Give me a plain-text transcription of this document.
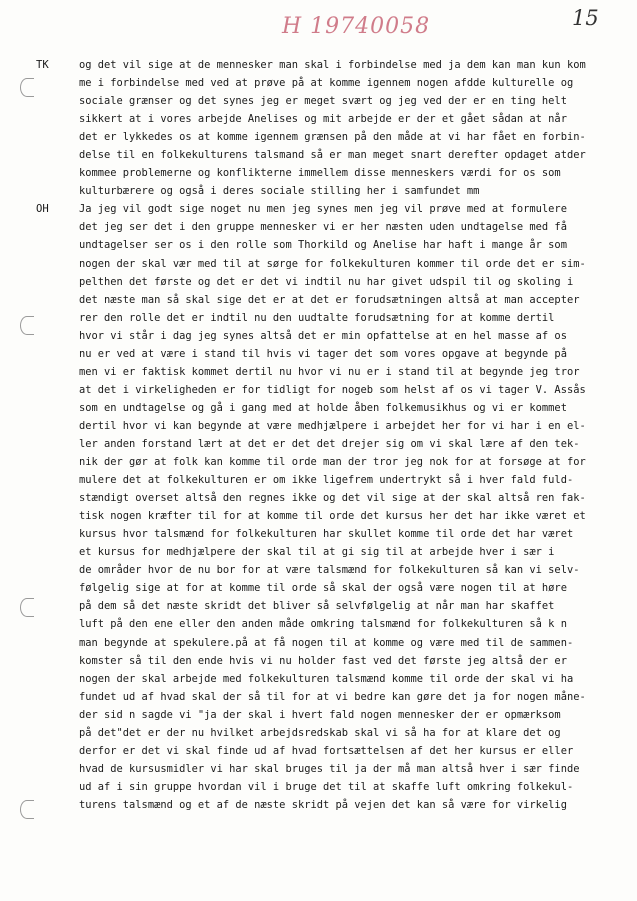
H 19740058	15
TK
OH
og det vil sige at de mennesker man skal i forbindelse med ja dem kan man kun kom
me i forbindelse med ved at prøve på at komme igennem nogen afdde kulturelle og
sociale grænser og det synes jeg er meget svært og jeg ved der er en ting helt
sikkert at i vores arbejde Anelises og mit arbejde er der et gået sådan at når
det er lykkedes os at komme igennem grænsen på den måde at vi har fået en forbin-
delse til en folkekulturens talsmand så er man meget snart derefter opdaget atder
kommee problemerne og konflikterne immellem disse menneskers værdi for os som
kulturbærere og også i deres sociale stilling her i samfundet mm
Ja jeg vil godt sige noget nu men jeg synes men jeg vil prøve med at formulere
det jeg ser det i den gruppe mennesker vi er her næsten uden undtagelse med få
undtagelser ser os i den rolle som Thorkild og Anelise har haft i mange år som
nogen der skal vær med til at sørge for folkekulturen kommer til orde det er sim-
pelthen det første og det er det vi indtil nu har givet udspil til og skoling i
det næste man så skal sige det er at det er forudsætningen altså at man accepter
rer den rolle det er indtil nu den uudtalte forudsætning for at komme dertil
hvor vi står i dag jeg synes altså det er min opfattelse at en hel masse af os
nu er ved at være i stand til hvis vi tager det som vores opgave at begynde på
men vi er faktisk kommet dertil nu hvor vi nu er i stand til at begynde jeg tror
at det i virkeligheden er for tidligt for nogeb som helst af os vi tager V. Assås
som en undtagelse og gå i gang med at holde åben folkemusikhus og vi er kommet
dertil hvor vi kan begynde at være medhjælpere i arbejdet her for vi har i en el-
ler anden forstand lært at det er det det drejer sig om vi skal lære af den tek-
nik der gør at folk kan komme til orde man der tror jeg nok for at forsøge at for
mulere det at folkekulturen er om ikke ligefrem undertrykt så i hver fald fuld-
stændigt overset altså den regnes ikke og det vil sige at der skal altså ren fak-
tisk nogen kræfter til for at komme til orde det kursus her det har ikke været et
kursus hvor talsmænd for folkekulturen har skullet komme til orde det har været
et kursus for medhjælpere der skal til at gi sig til at arbejde hver i sær i
de områder hvor de nu bor for at være talsmænd for folkekulturen så kan vi selv-
følgelig sige at for at komme til orde så skal der også være nogen til at høre
på dem så det næste skridt det bliver så selvfølgelig at når man har skaffet
luft på den ene eller den anden måde omkring talsmænd for folkekulturen så k n
man begynde at spekulere.på at få nogen til at komme og være med til de sammen-
komster så til den ende hvis vi nu holder fast ved det første jeg altså der er
nogen der skal arbejde med folkekulturen talsmænd komme til orde der skal vi ha
fundet ud af hvad skal der så til for at vi bedre kan gøre det ja for nogen måne-
der sid n sagde vi "ja der skal i hvert fald nogen mennesker der er opmærksom
på det"det er der nu hvilket arbejdsredskab skal vi så ha for at klare det og
derfor er det vi skal finde ud af hvad fortsættelsen af det her kursus er eller
hvad de kursusmidler vi har skal bruges til ja der må man altså hver i sær finde
ud af i sin gruppe hvordan vil i bruge det til at skaffe luft omkring folkekul-
turens talsmænd og et af de næste skridt på vejen det kan så være for virkelig
